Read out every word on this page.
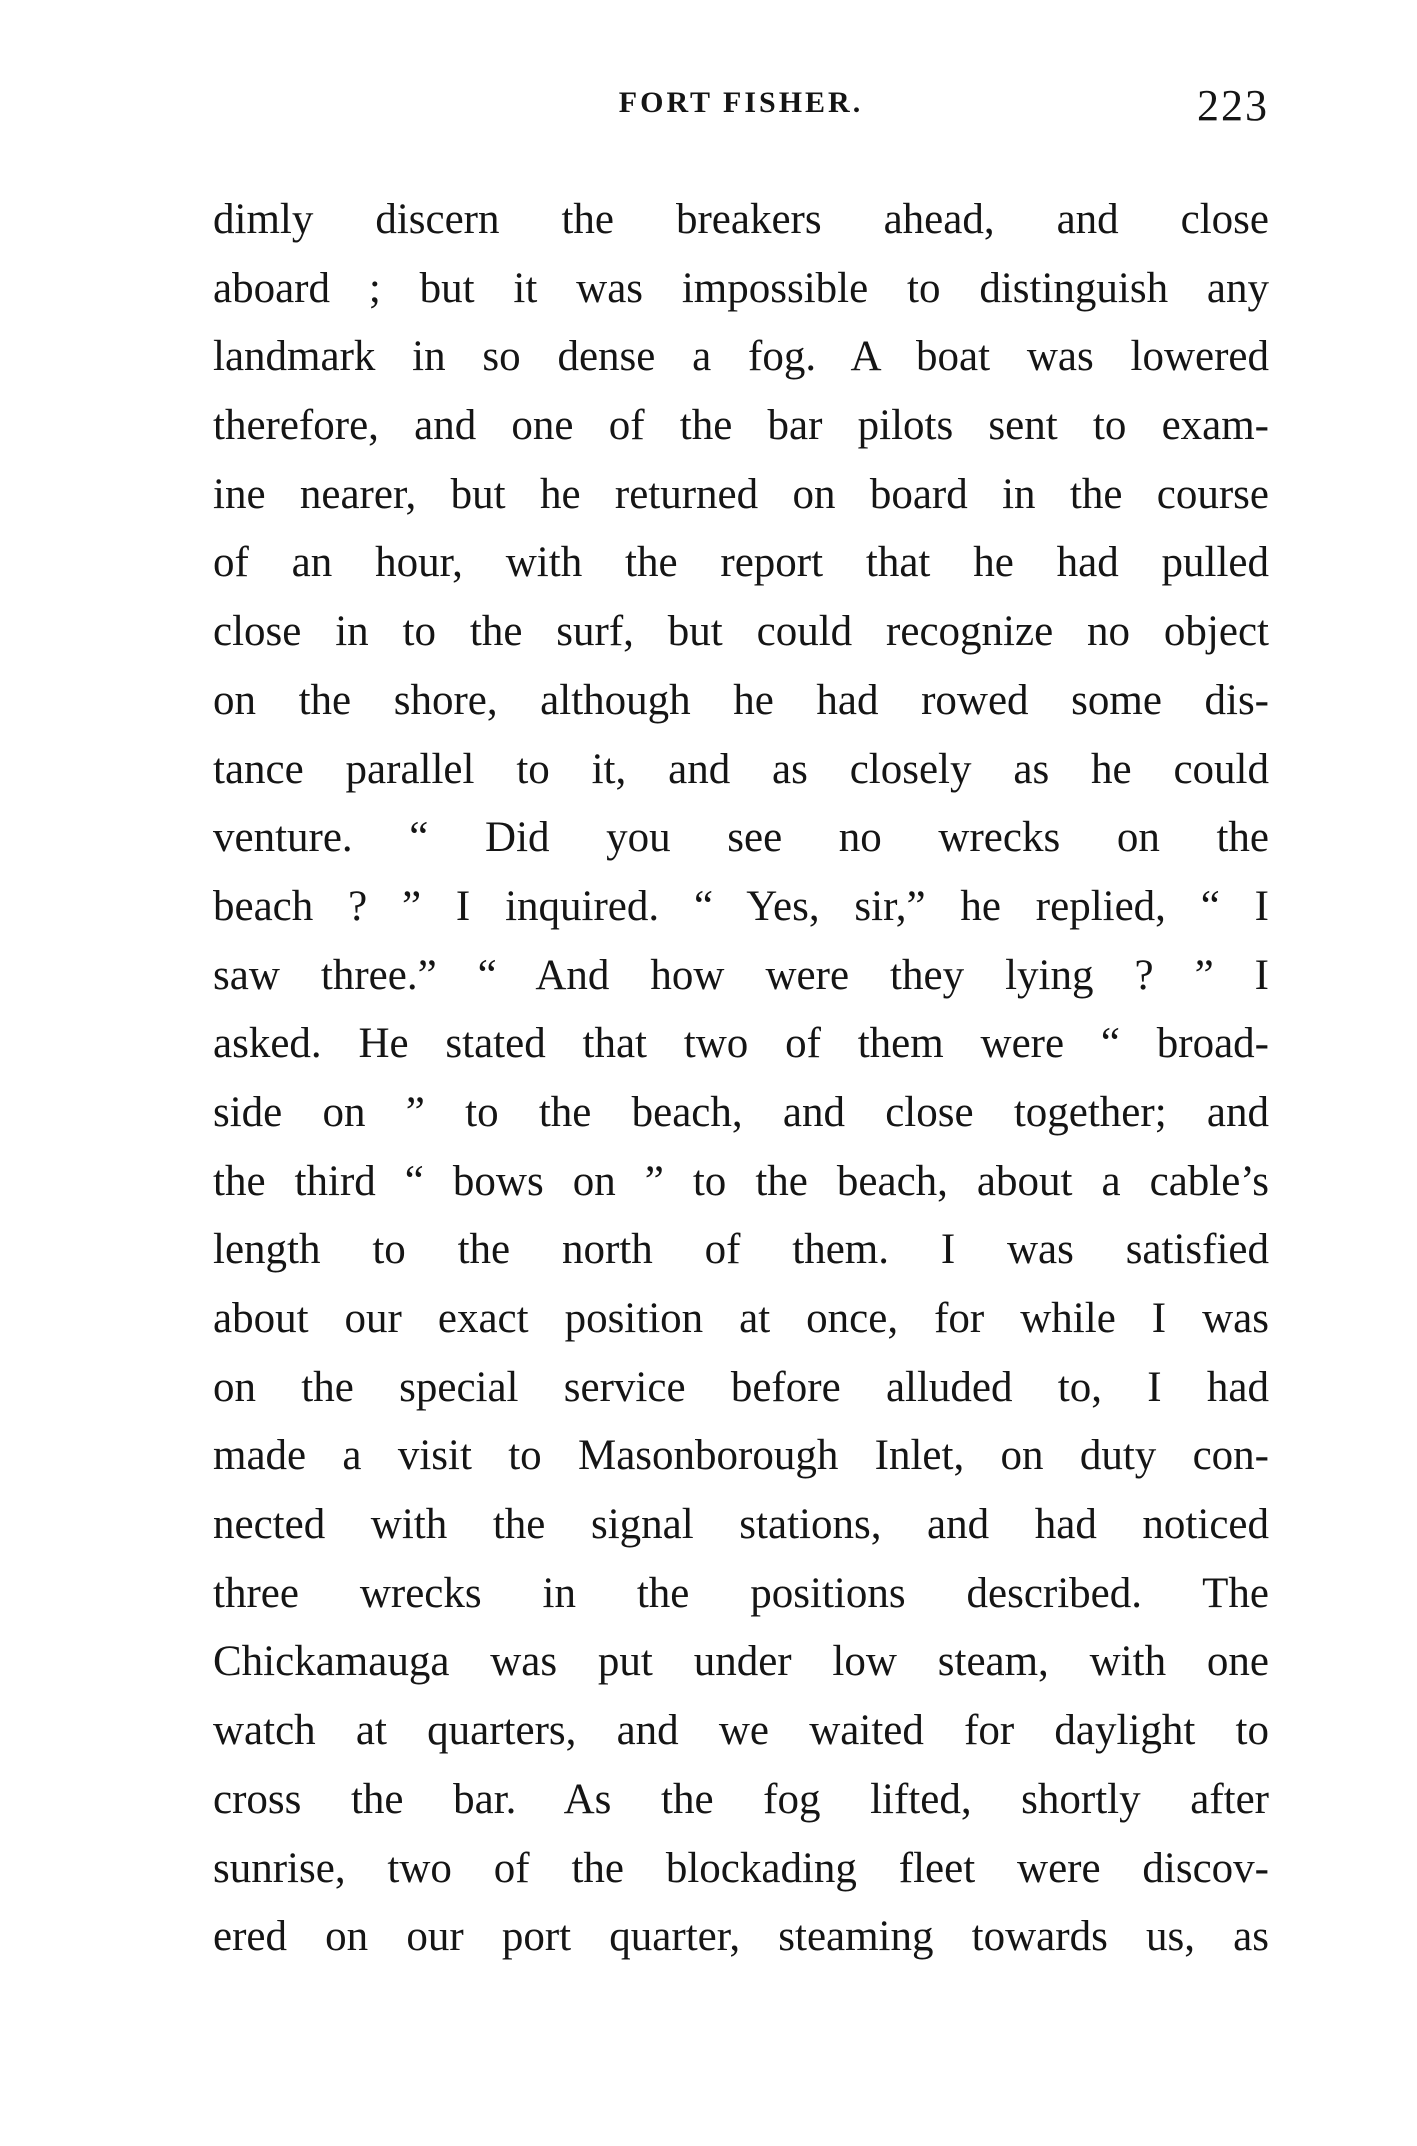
FORT FISHER.	223
dimly discern the breakers ahead, and close
aboard ; but it was impossible to distinguish any
landmark in so dense a fog. A boat was lowered
therefore, and one of the bar pilots sent to exam-
ine nearer, but he returned on board in the course
of an hour, with the report that he had pulled
close in to the surf, but could recognize no object
on the shore, although he had rowed some dis-
tance parallel to it, and as closely as he could
venture. “ Did you see no wrecks on the
beach ? ” I inquired. “ Yes, sir,” he replied, “ I
saw three.” “ And how were they lying ? ” I
asked. He stated that two of them were “ broad-
side on ” to the beach, and close together; and
the third “ bows on ” to the beach, about a cable’s
length to the north of them. I was satisfied
about our exact position at once, for while I was
on the special service before alluded to, I had
made a visit to Masonborough Inlet, on duty con-
nected with the signal stations, and had noticed
three wrecks in the positions described. The
Chickamauga was put under low steam, with one
watch at quarters, and we waited for daylight to
cross the bar. As the fog lifted, shortly after
sunrise, two of the blockading fleet were discov-
ered on our port quarter, steaming towards us, as
